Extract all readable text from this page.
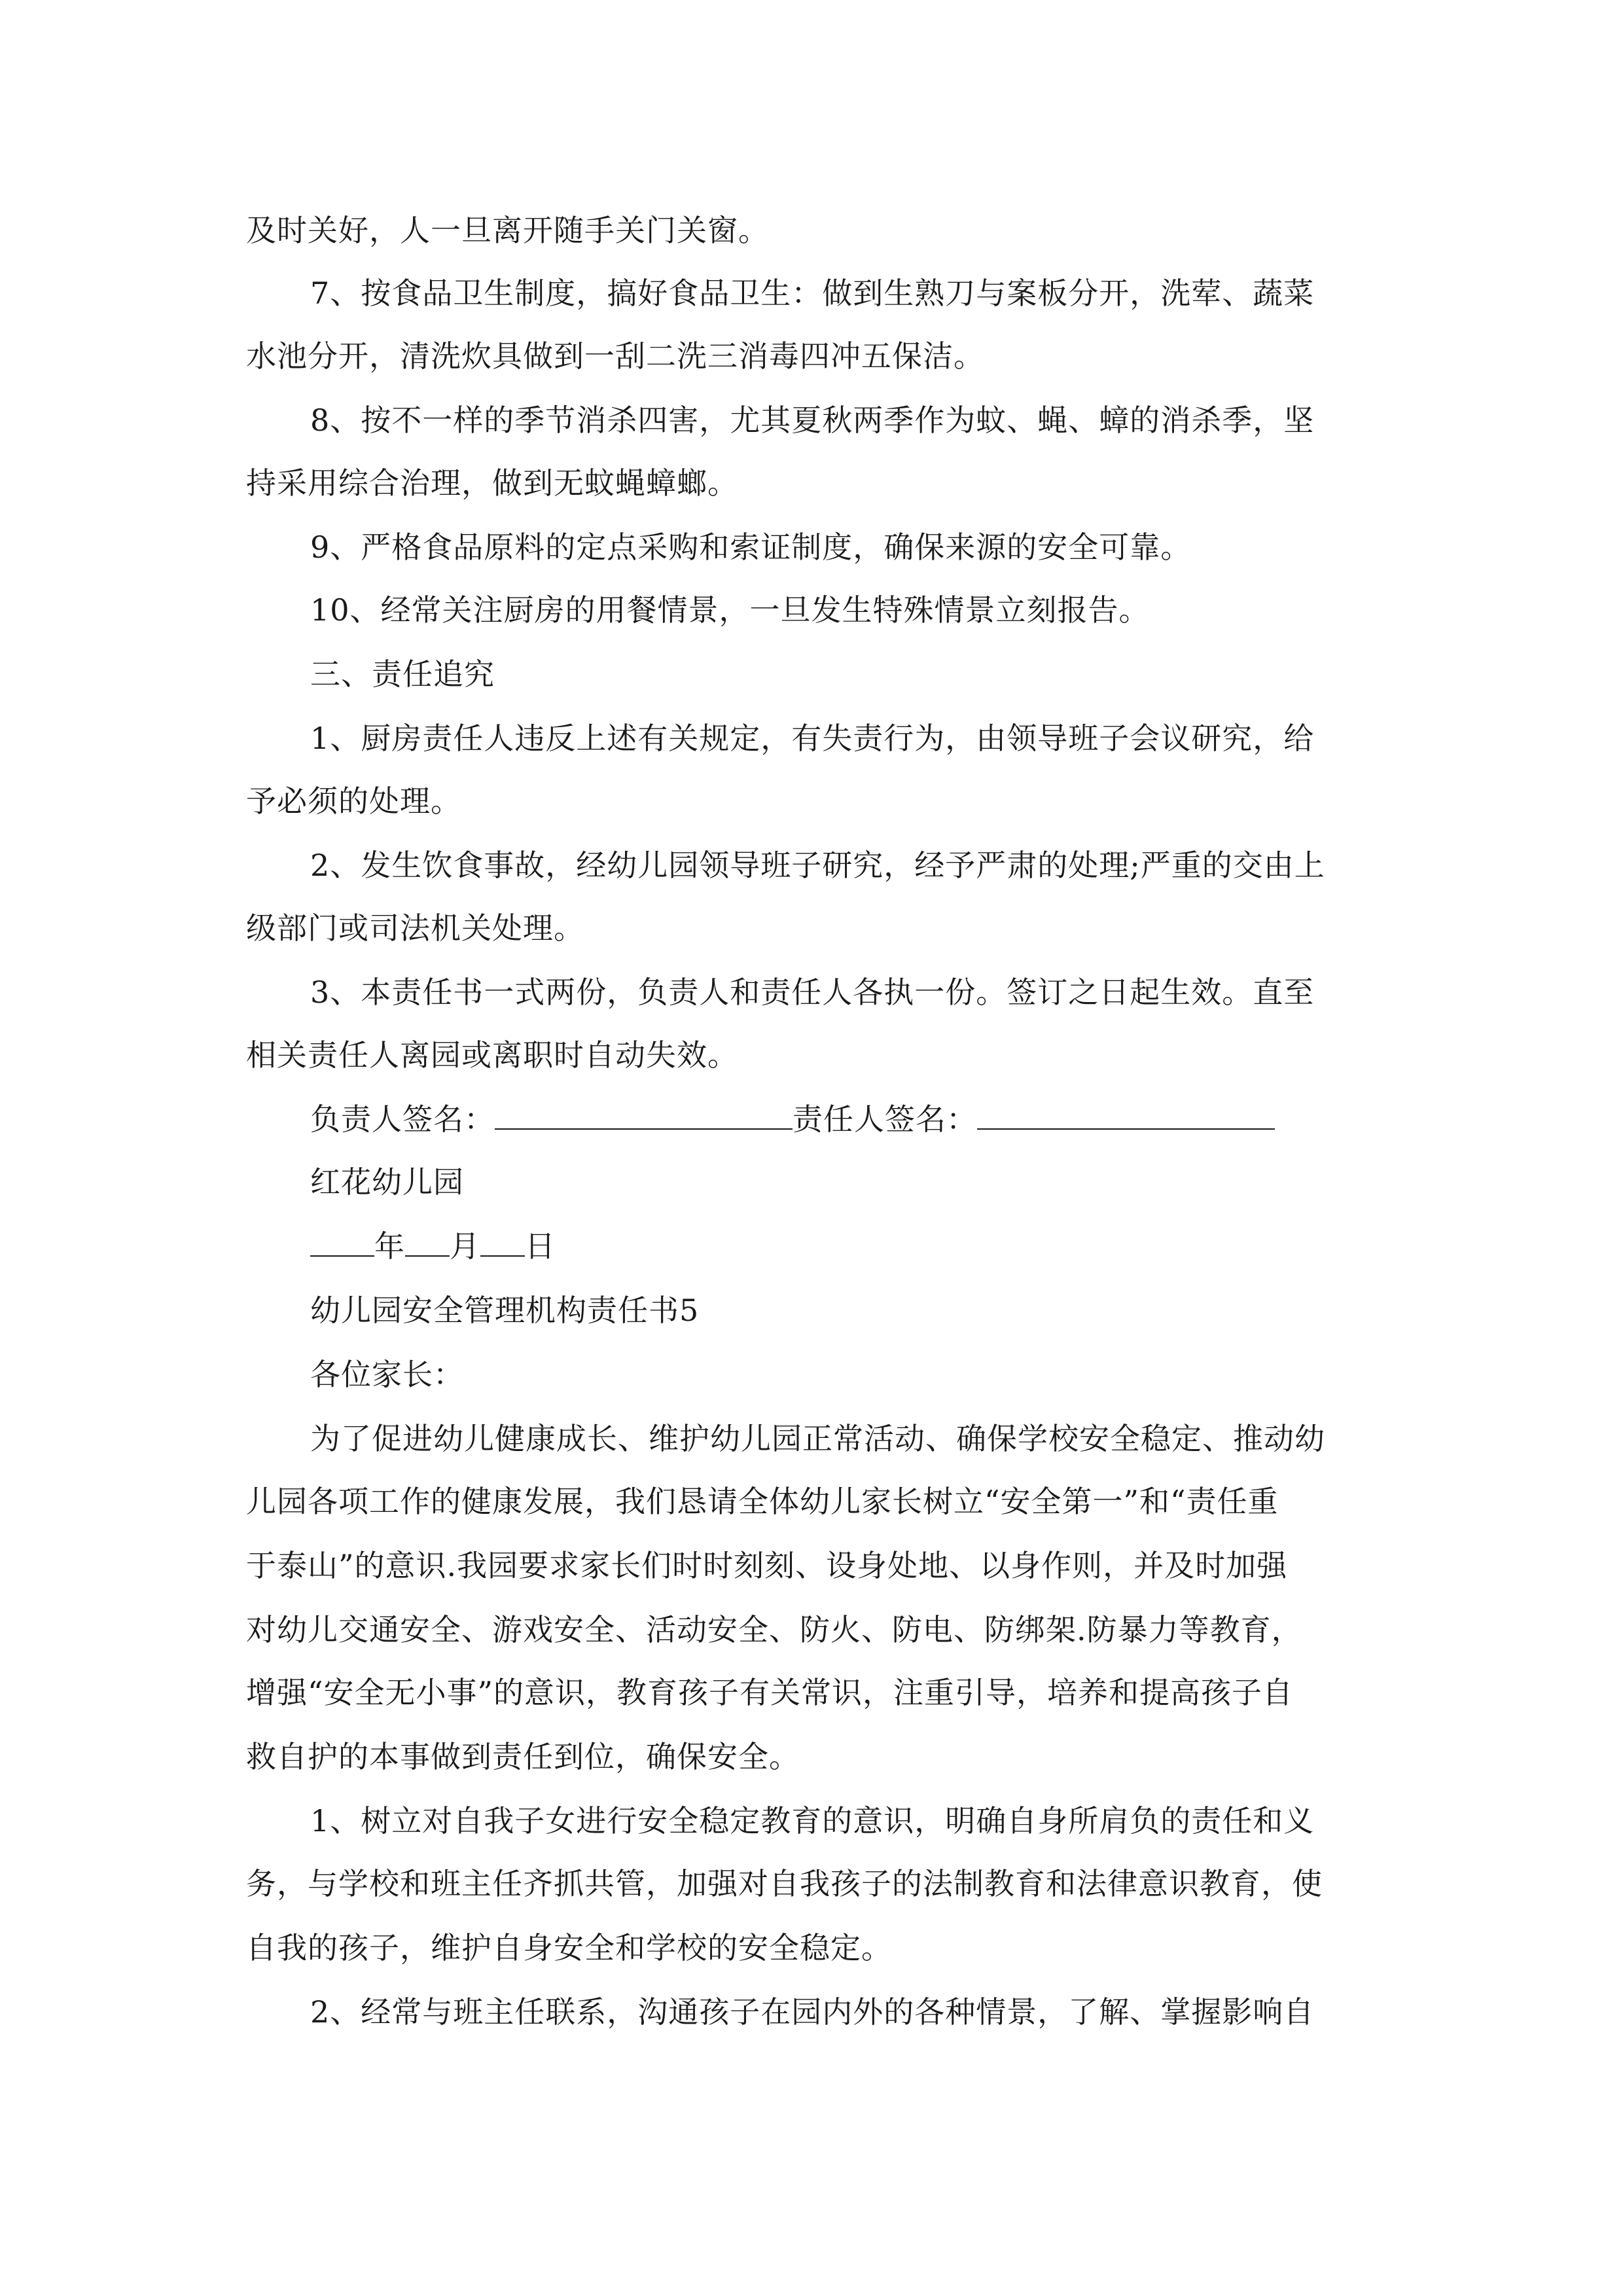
及时关好，人一旦离开随手关门关窗。
7、按食品卫生制度，搞好食品卫生：做到生熟刀与案板分开，洗荤、蔬菜
水池分开，清洗炊具做到一刮二洗三消毒四冲五保洁。
8、按不一样的季节消杀四害，尤其夏秋两季作为蚊、蝇、蟑的消杀季，坚
持采用综合治理，做到无蚊蝇蟑螂。
9、严格食品原料的定点采购和索证制度，确保来源的安全可靠。
10、经常关注厨房的用餐情景，一旦发生特殊情景立刻报告。
三、责任追究
1、厨房责任人违反上述有关规定，有失责行为，由领导班子会议研究，给
予必须的处理。
2、发生饮食事故，经幼儿园领导班子研究，经予严肃的处理;严重的交由上
级部门或司法机关处理。
3、本责任书一式两份，负责人和责任人各执一份。签订之日起生效。直至
相关责任人离园或离职时自动失效。
负责人签名：	责任人签名：
红花幼儿园
年 月 日
幼儿园安全管理机构责任书5
各位家长：
为了促进幼儿健康成长、维护幼儿园正常活动、确保学校安全稳定、推动幼
儿园各项工作的健康发展，我们恳请全体幼儿家长树立“安全第一”和“责任重
于泰山”的意识.我园要求家长们时时刻刻、设身处地、以身作则，并及时加强
对幼儿交通安全、游戏安全、活动安全、防火、防电、防绑架.防暴力等教育，
增强“安全无小事”的意识，教育孩子有关常识，注重引导，培养和提高孩子自
救自护的本事做到责任到位，确保安全。
1、树立对自我子女进行安全稳定教育的意识，明确自身所肩负的责任和义
务，与学校和班主任齐抓共管，加强对自我孩子的法制教育和法律意识教育，使
自我的孩子，维护自身安全和学校的安全稳定。
2、经常与班主任联系，沟通孩子在园内外的各种情景，了解、掌握影响自
